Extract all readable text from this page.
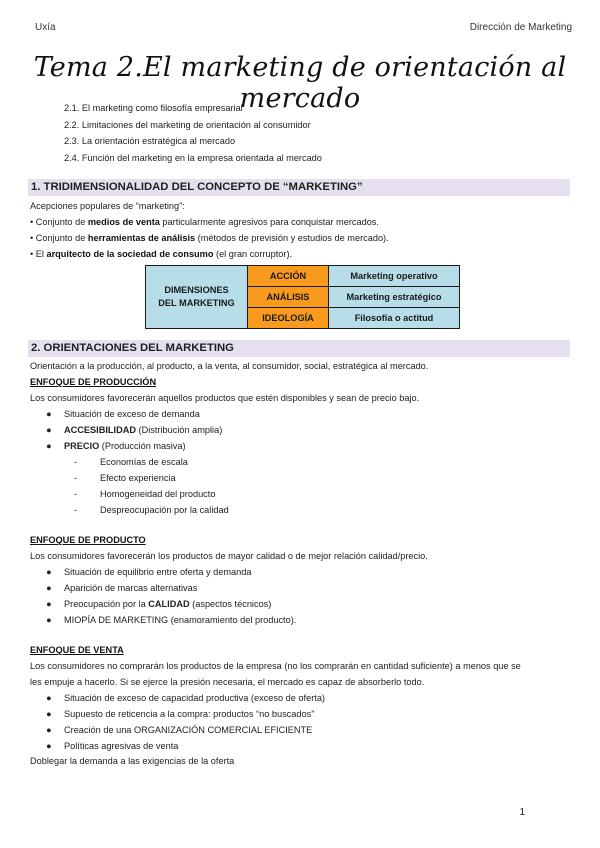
Uxía	Dirección de Marketing
Tema 2.El marketing de orientación al mercado
2.1. El marketing como filosofía empresarial
2.2. Limitaciones del marketing de orientación al consumidor
2.3. La orientación estratégica al mercado
2.4. Función del marketing en la empresa orientada al mercado
1. TRIDIMENSIONALIDAD DEL CONCEPTO DE “MARKETING”
Acepciones populares de “marketing”:
• Conjunto de medios de venta particularmente agresivos para conquistar mercados.
• Conjunto de herramientas de análisis (métodos de previsión y estudios de mercado).
• El arquitecto de la sociedad de consumo (el gran corruptor).
DIMENSIONES
DEL MARKETING	ACCIÓN	Marketing operativo
	ANÁLISIS	Marketing estratégico
	IDEOLOGÍA	Filosofía o actitud
2. ORIENTACIONES DEL MARKETING
Orientación a la producción, al producto, a la venta, al consumidor, social, estratégica al mercado.
ENFOQUE DE PRODUCCIÓN
Los consumidores favorecerán aquellos productos que estén disponibles y sean de precio bajo.
● Situación de exceso de demanda
● ACCESIBILIDAD (Distribución amplia)
● PRECIO (Producción masiva)
- Economías de escala
- Efecto experiencia
- Homogeneidad del producto
- Despreocupación por la calidad
ENFOQUE DE PRODUCTO
Los consumidores favorecerán los productos de mayor calidad o de mejor relación calidad/precio.
● Situación de equilibrio entre oferta y demanda
● Aparición de marcas alternativas
● Preocupación por la CALIDAD (aspectos técnicos)
● MIOPÍA DE MARKETING (enamoramiento del producto).
ENFOQUE DE VENTA
Los consumidores no comprarán los productos de la empresa (no los comprarán en cantidad suficiente) a menos que se
les empuje a hacerlo. Si se ejerce la presión necesaria, el mercado es capaz de absorberlo todo.
● Situación de exceso de capacidad productiva (exceso de oferta)
● Supuesto de reticencia a la compra: productos “no buscados”
● Creación de una ORGANIZACIÓN COMERCIAL EFICIENTE
● Políticas agresivas de venta
Doblegar la demanda a las exigencias de la oferta
1
